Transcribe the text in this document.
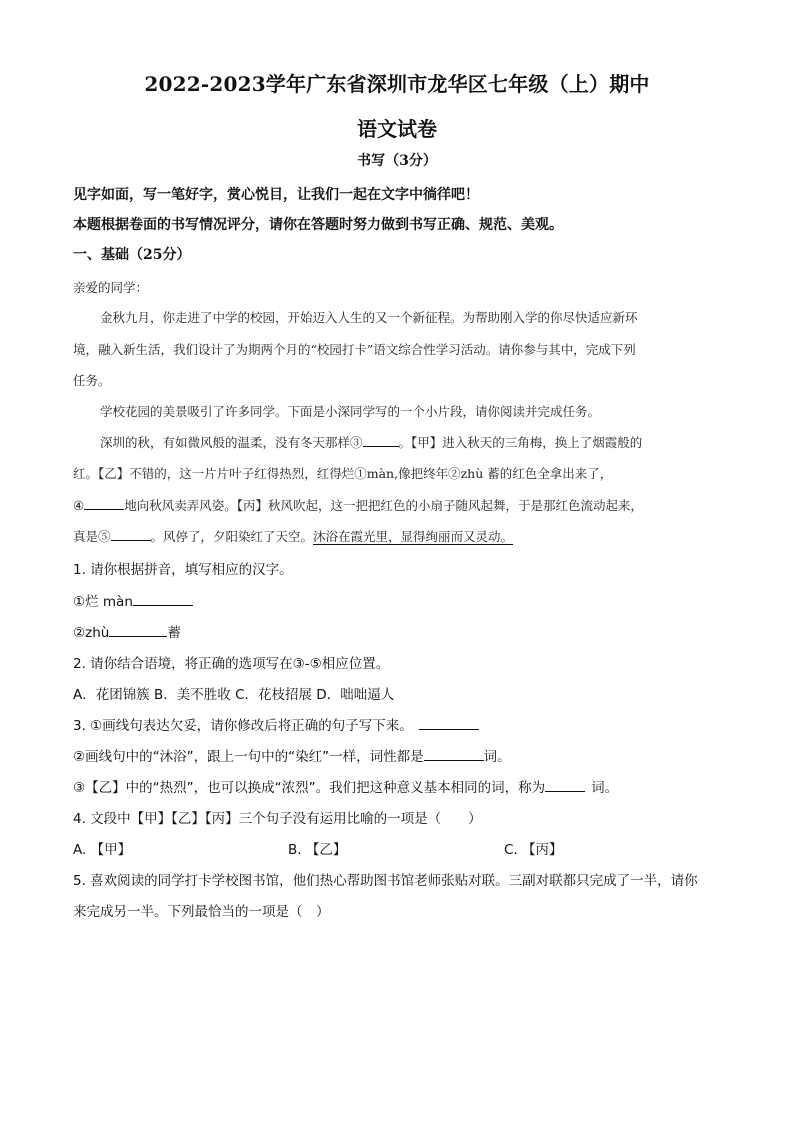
2022-2023学年广东省深圳市龙华区七年级（上）期中
语文试卷
书写（3分）
见字如面，写一笔好字，赏心悦目，让我们一起在文字中徜徉吧！
本题根据卷面的书写情况评分，请你在答题时努力做到书写正确、规范、美观。
一、基础（25分）
亲爱的同学：
金秋九月，你走进了中学的校园，开始迈入人生的又一个新征程。为帮助刚入学的你尽快适应新环
境，融入新生活，我们设计了为期两个月的“校园打卡”语文综合性学习活动。请你参与其中，完成下列
任务。
学校花园的美景吸引了许多同学。下面是小深同学写的一个小片段，请你阅读并完成任务。
深圳的秋，有如微风般的温柔，没有冬天那样③	。【甲】进入秋天的三角梅，换上了烟霞般的
红。【乙】不错的，这一片片叶子红得热烈，红得烂①màn,像把终年②zhù 蓄的红色全拿出来了，
④	地向秋风卖弄风姿。【丙】秋风吹起，这一把把红色的小扇子随风起舞，于是那红色流动起来，
真是⑤	。风停了，夕阳染红了天空。沐浴在霞光里，显得绚丽而又灵动。
1. 请你根据拼音，填写相应的汉字。
①烂 màn
②zhù	蓄
2. 请你结合语境，将正确的选项写在③-⑤相应位置。
A．花团锦簇 B．美不胜收 C．花枝招展 D．咄咄逼人
3. ①画线句表达欠妥，请你修改后将正确的句子写下来。
②画线句中的“沐浴”，跟上一句中的“染红”一样，词性都是	词。
③【乙】中的“热烈”，也可以换成“浓烈”。我们把这种意义基本相同的词，称为	词。
4. 文段中【甲】【乙】【丙】三个句子没有运用比喻的一项是（　　）
A. 【甲】	B. 【乙】	C. 【丙】
5. 喜欢阅读的同学打卡学校图书馆，他们热心帮助图书馆老师张贴对联。三副对联都只完成了一半，请你
来完成另一半。下列最恰当的一项是（　）
